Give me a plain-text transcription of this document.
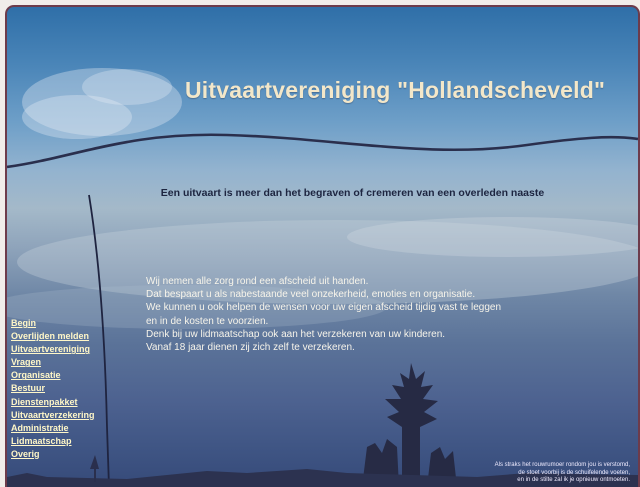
Uitvaartvereniging "Hollandscheveld"

Een uitvaart is meer dan het begraven of cremeren van een overleden naaste

Wij nemen alle zorg rond een afscheid uit handen.

Dat bespaart u als nabestaande veel onzekerheid, emoties en organisatie.

We kunnen u ook helpen de wensen voor uw eigen afscheid tijdig vast te leggen

en in de kosten te voorzien.

Denk bij uw lidmaatschap ook aan het verzekeren van uw kinderen.

Vanaf 18 jaar dienen zij zich zelf te verzekeren.

Begin
Overlijden melden
Uitvaartvereniging
Vragen
Organisatie
Bestuur
Dienstenpakket
Uitvaartverzekering
Administratie
Lidmaatschap
Overig

Als straks het rouwrumoer rondom jou is verstomd,

de stoet voorbij is de schuifelende voeten,

en in de stilte zal ik je opnieuw ontmoeten.
